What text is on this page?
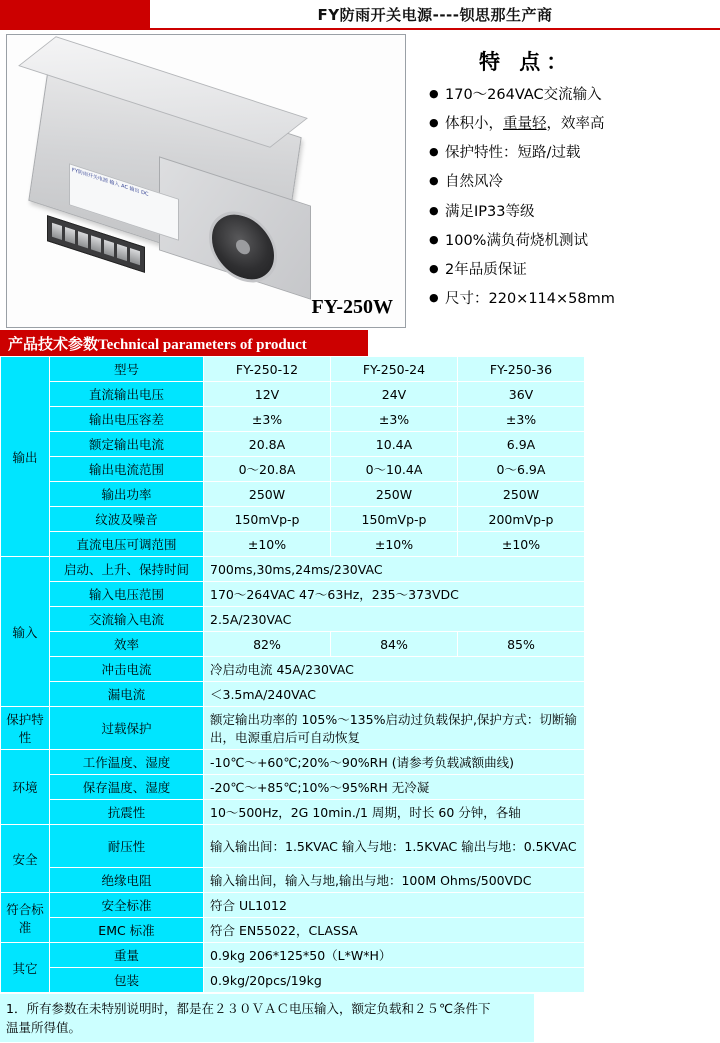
FY防雨开关电源----钡思那生产商
FY防雨开关电源 输入 AC 输出 DC
FY-250W
特 点：
● 170～264VAC交流输入
● 体积小，重量轻，效率高
● 保护特性：短路/过载
● 自然风冷
● 满足IP33等级
● 100%满负荷烧机测试
● 2年品质保证
● 尺寸：220×114×58mm
产品技术参数Technical parameters of product
输出	型号	FY-250-12	FY-250-24	FY-250-36	
	直流输出电压	12V	24V	36V	
	输出电压容差	±3%	±3%	±3%	
	额定输出电流	20.8A	10.4A	6.9A	
	输出电流范围	0～20.8A	0～10.4A	0～6.9A	
	输出功率	250W	250W	250W	
	纹波及噪音	150mVp-p	150mVp-p	200mVp-p	
	直流电压可调范围	±10%	±10%	±10%	
输入	启动、上升、保持时间	700ms,30ms,24ms/230VAC			
	输入电压范围	170～264VAC 47～63Hz，235～373VDC			
	交流输入电流	2.5A/230VAC			
	效率	82%	84%	85%	
	冲击电流	冷启动电流 45A/230VAC			
	漏电流	＜3.5mA/240VAC			
保护特性	过载保护	额定输出功率的 105%～135%启动过负载保护,保护方式：切断输出，电源重启后可自动恢复			
环境	工作温度、湿度	-10℃～+60℃;20%～90%RH (请参考负载减额曲线)			
	保存温度、湿度	-20℃～+85℃;10%～95%RH 无冷凝			
	抗震性	10～500Hz，2G 10min./1 周期，时长 60 分钟，各轴			
安全	耐压性	输入输出间：1.5KVAC 输入与地：1.5KVAC 输出与地：0.5KVAC			
	绝缘电阻	输入输出间，输入与地,输出与地：100M Ohms/500VDC			
符合标准	安全标准	符合 UL1012			
	EMC 标准	符合 EN55022，CLASSA			
其它	重量	0.9kg 206*125*50（L*W*H）			
	包装	0.9kg/20pcs/19kg			
1．所有参数在未特别说明时，都是在２３０ＶＡＣ电压输入，额定负载和２５℃条件下
温量所得值。
